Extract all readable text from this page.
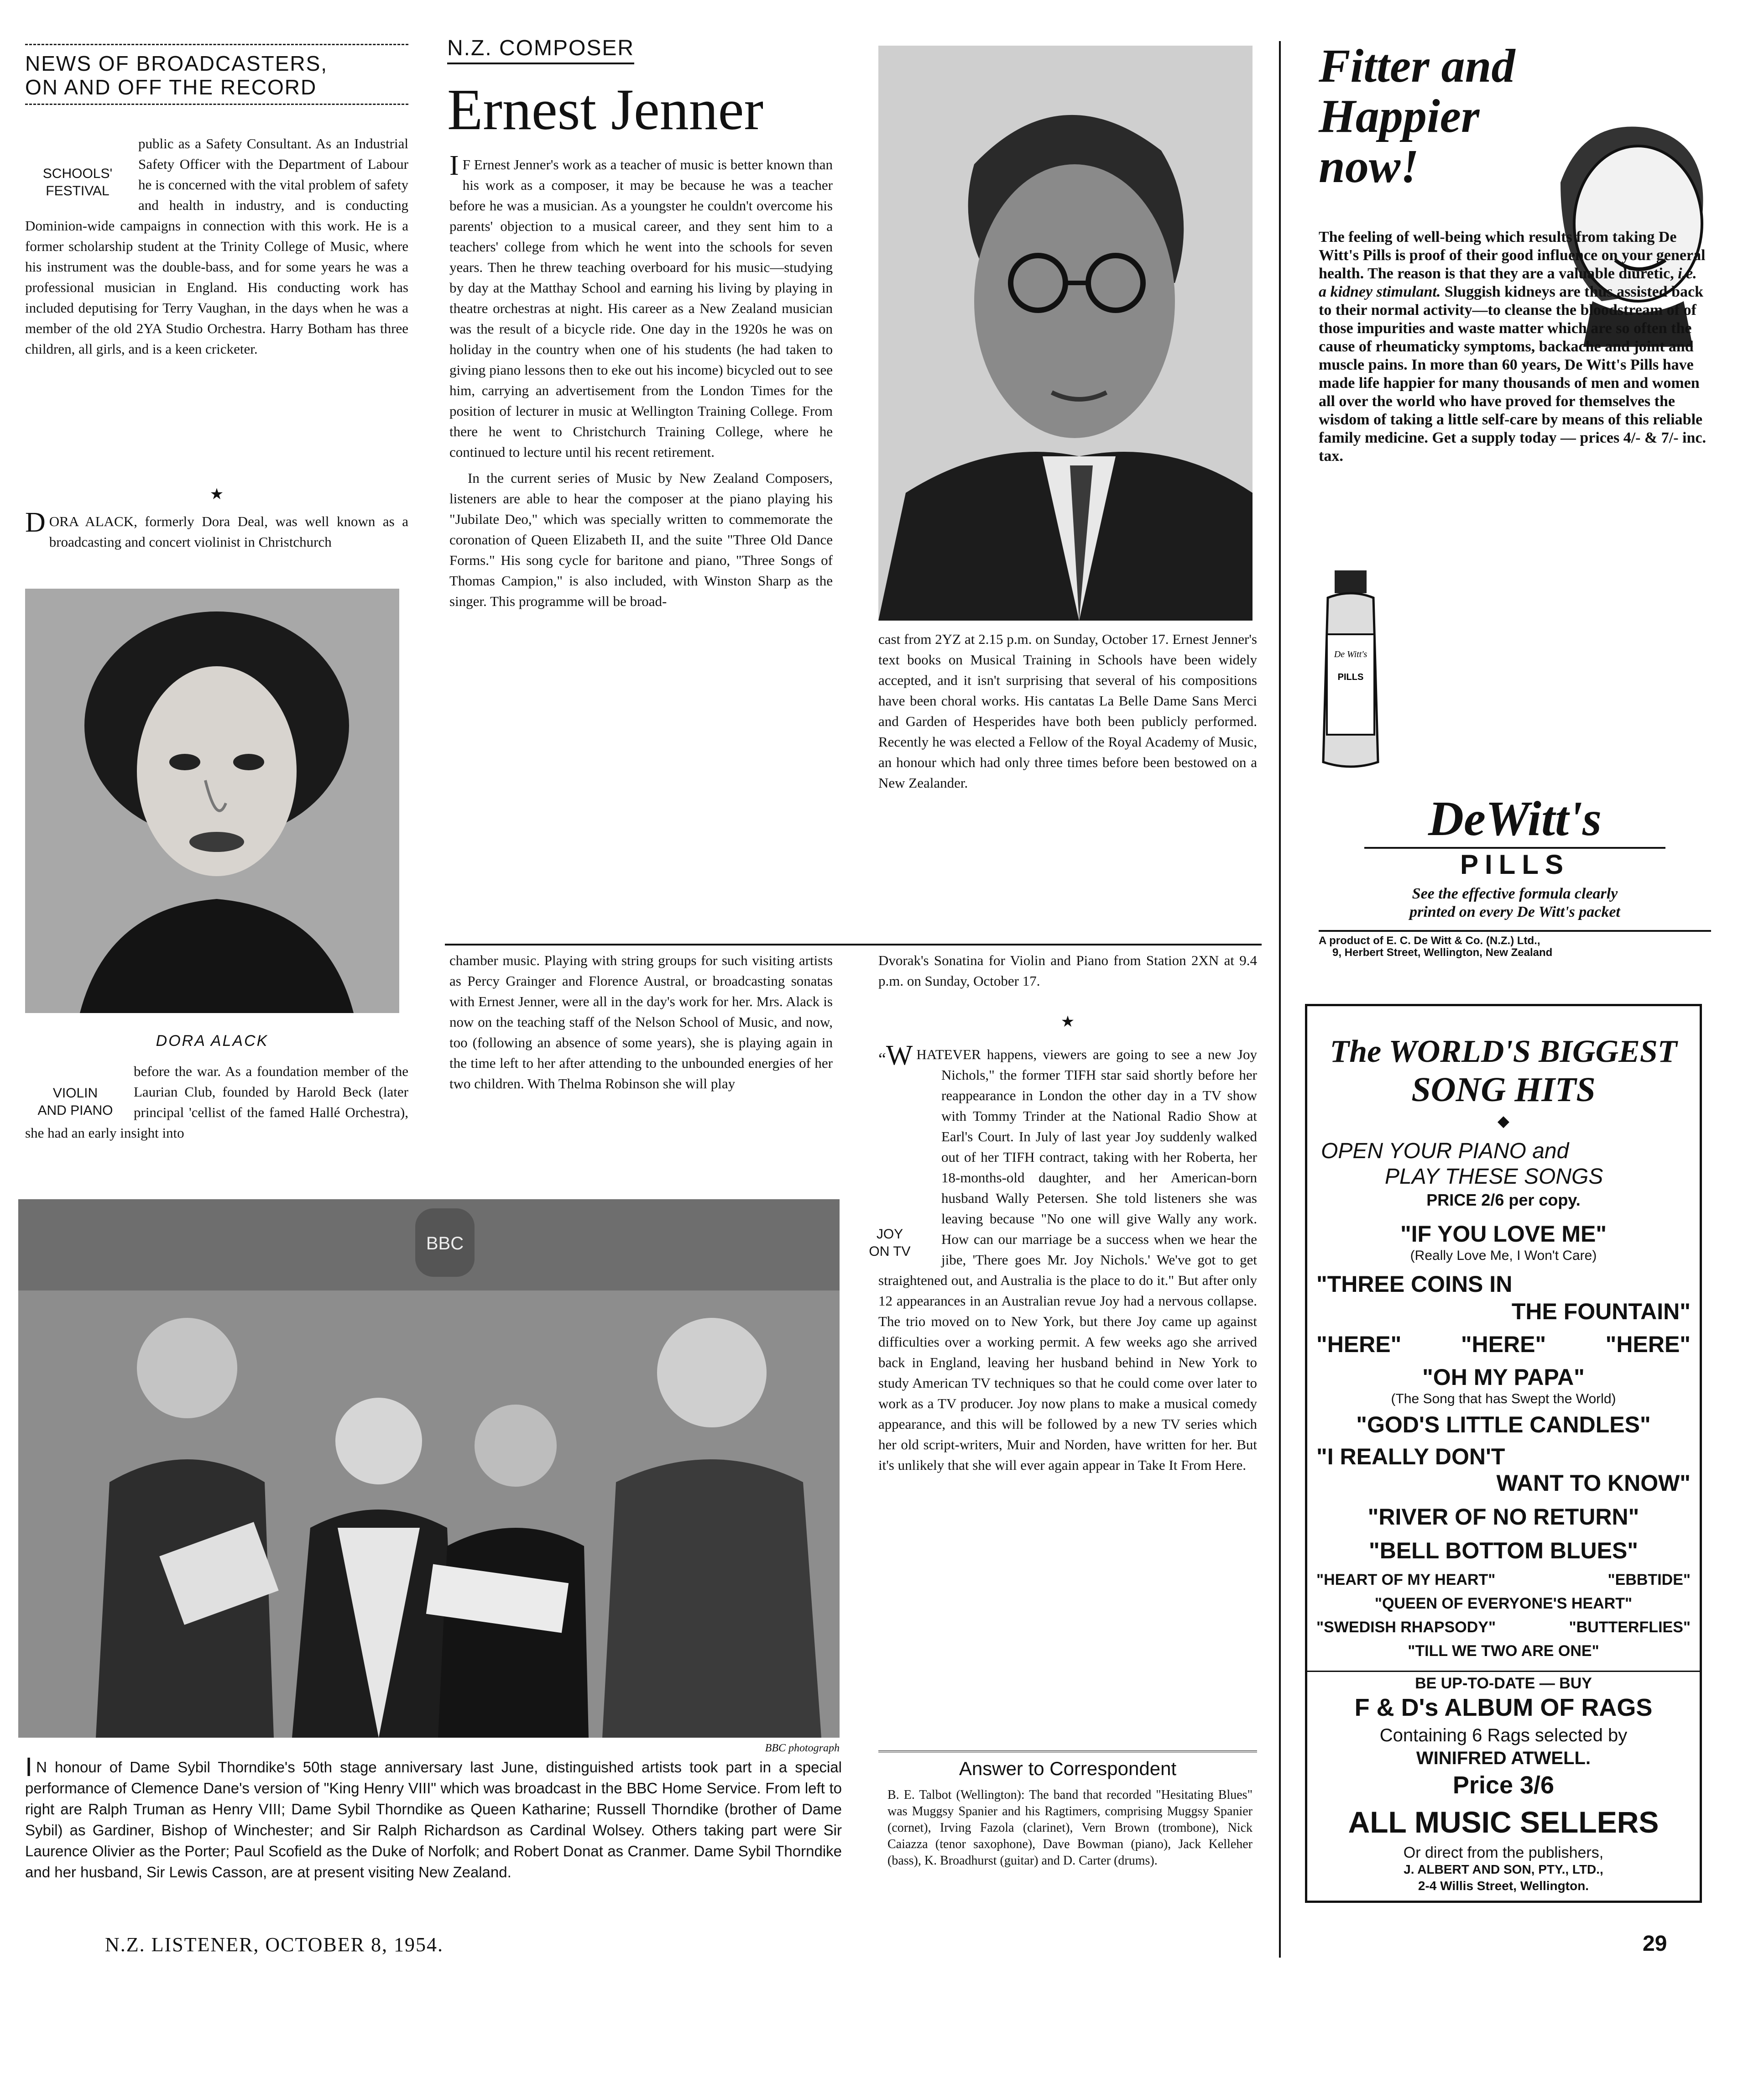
NEWS OF BROADCASTERS,
ON AND OFF THE RECORD
SCHOOLS'
FESTIVAL

public as a Safety Consultant. As an Industrial Safety Officer with the Department of Labour he is concerned with the vital problem of safety and health in industry, and is conducting Dominion-wide campaigns in connection with this work. He is a former scholarship student at the Trinity College of Music, where his instrument was the double-bass, and for some years he was a professional musician in England. His conducting work has included deputising for Terry Vaughan, in the days when he was a member of the old 2YA Studio Orchestra. Harry Botham has three children, all girls, and is a keen cricketer.

★
D ORA ALACK, formerly Dora Deal, was well known as a broadcasting and concert violinist in Christchurch
DORA ALACK
VIOLIN
AND PIANO

before the war. As a foundation member of the Laurian Club, founded by Harold Beck (later principal 'cellist of the famed Hallé Orchestra), she had an early insight into

N.Z. COMPOSER
Ernest Jenner

I F Ernest Jenner's work as a teacher of music is better known than his work as a composer, it may be because he was a teacher before he was a musician. As a youngster he couldn't overcome his parents' objection to a musical career, and they sent him to a teachers' college from which he went into the schools for seven years. Then he threw teaching overboard for his music—studying by day at the Matthay School and earning his living by playing in theatre orchestras at night. His career as a New Zealand musician was the result of a bicycle ride. One day in the 1920s he was on holiday in the country when one of his students (he had taken to giving piano lessons then to eke out his income) bicycled out to see him, carrying an advertisement from the London Times for the position of lecturer in music at Wellington Training College. From there he went to Christchurch Training College, where he continued to lecture until his recent retirement.

In the current series of Music by New Zealand Composers, listeners are able to hear the composer at the piano playing his "Jubilate Deo," which was specially written to commemorate the coronation of Queen Elizabeth II, and the suite "Three Old Dance Forms." His song cycle for baritone and piano, "Three Songs of Thomas Campion," is also included, with Winston Sharp as the singer. This programme will be broad-

cast from 2YZ at 2.15 p.m. on Sunday, October 17. Ernest Jenner's text books on Musical Training in Schools have been widely accepted, and it isn't surprising that several of his compositions have been choral works. His cantatas La Belle Dame Sans Merci and Garden of Hesperides have both been publicly performed. Recently he was elected a Fellow of the Royal Academy of Music, an honour which had only three times before been bestowed on a New Zealander.

chamber music. Playing with string groups for such visiting artists as Percy Grainger and Florence Austral, or broadcasting sonatas with Ernest Jenner, were all in the day's work for her. Mrs. Alack is now on the teaching staff of the Nelson School of Music, and now, too (following an absence of some years), she is playing again in the time left to her after attending to the unbounded energies of her two children. With Thelma Robinson she will play

Dvorak's Sonatina for Violin and Piano from Station 2XN at 9.4 p.m. on Sunday, October 17.

★
“W
JOY
ON TV
HATEVER happens, viewers are going to see a new Joy Nichols," the former TIFH star said shortly before her reappearance in London the other day in a TV show with Tommy Trinder at the National Radio Show at Earl's Court. In July of last year Joy suddenly walked out of her TIFH contract, taking with her Roberta, her 18-months-old daughter, and her American-born husband Wally Petersen. She told listeners she was leaving because "No one will give Wally any work. How can our marriage be a success when we hear the jibe, 'There goes Mr. Joy Nichols.' We've got to get straightened out, and Australia is the place to do it." But after only 12 appearances in an Australian revue Joy had a nervous collapse. The trio moved on to New York, but there Joy came up against difficulties over a working permit. A few weeks ago she arrived back in England, leaving her husband behind in New York to study American TV techniques so that he could come over later to work as a TV producer. Joy now plans to make a musical comedy appearance, and this will be followed by a new TV series which her old script-writers, Muir and Norden, have written for her. But it's unlikely that she will ever again appear in Take It From Here.
Answer to Correspondent
B. E. Talbot (Wellington): The band that recorded "Hesitating Blues" was Muggsy Spanier and his Ragtimers, comprising Muggsy Spanier (cornet), Irving Fazola (clarinet), Vern Brown (trombone), Nick Caiazza (tenor saxophone), Dave Bowman (piano), Jack Kelleher (bass), K. Broadhurst (guitar) and D. Carter (drums).
BBC
BBC photograph
I N honour of Dame Sybil Thorndike's 50th stage anniversary last June, distinguished artists took part in a special performance of Clemence Dane's version of "King Henry VIII" which was broadcast in the BBC Home Service. From left to right are Ralph Truman as Henry VIII; Dame Sybil Thorndike as Queen Katharine; Russell Thorndike (brother of Dame Sybil) as Gardiner, Bishop of Winchester; and Sir Ralph Richardson as Cardinal Wolsey. Others taking part were Sir Laurence Olivier as the Porter; Paul Scofield as the Duke of Norfolk; and Robert Donat as Cranmer. Dame Sybil Thorndike and her husband, Sir Lewis Casson, are at present visiting New Zealand.
N.Z. LISTENER, OCTOBER 8, 1954.	29
Fitter and
Happier
now!
The feeling of well-being which results from taking De Witt's Pills is proof of their good influence on your general health. The reason is that they are a valuable diuretic, i.e. a kidney stimulant. Sluggish kidneys are thus assisted back to their normal activity—to cleanse the bloodstream of of those impurities and waste matter which are so often the cause of rheumaticky symptoms, backache and joint and muscle pains. In more than 60 years, De Witt's Pills have made life happier for many thousands of men and women all over the world who have proved for themselves the wisdom of taking a little self-care by means of this reliable family medicine. Get a supply today — prices 4/- & 7/- inc. tax.
De Witt's
PILLS
DeWitt's
PILLS
See the effective formula clearly
printed on every De Witt's packet
A product of E. C. De Witt & Co. (N.Z.) Ltd.,
9, Herbert Street, Wellington, New Zealand
The WORLD'S BIGGEST
SONG HITS
◆
OPEN YOUR PIANO and
PLAY THESE SONGS
PRICE 2/6 per copy.
"IF YOU LOVE ME"
(Really Love Me, I Won't Care)
"THREE COINS IN
THE FOUNTAIN"
"HERE"	"HERE"	"HERE"
"OH MY PAPA"
(The Song that has Swept the World)
"GOD'S LITTLE CANDLES"
"I REALLY DON'T
WANT TO KNOW"
"RIVER OF NO RETURN"
"BELL BOTTOM BLUES"
"HEART OF MY HEART"	"EBBTIDE"
"QUEEN OF EVERYONE'S HEART"
"SWEDISH RHAPSODY"	"BUTTERFLIES"
"TILL WE TWO ARE ONE"
BE UP-TO-DATE — BUY
F & D's ALBUM OF RAGS
Containing 6 Rags selected by
WINIFRED ATWELL.
Price 3/6
ALL MUSIC SELLERS
Or direct from the publishers,
J. ALBERT AND SON, PTY., LTD.,
2-4 Willis Street, Wellington.
